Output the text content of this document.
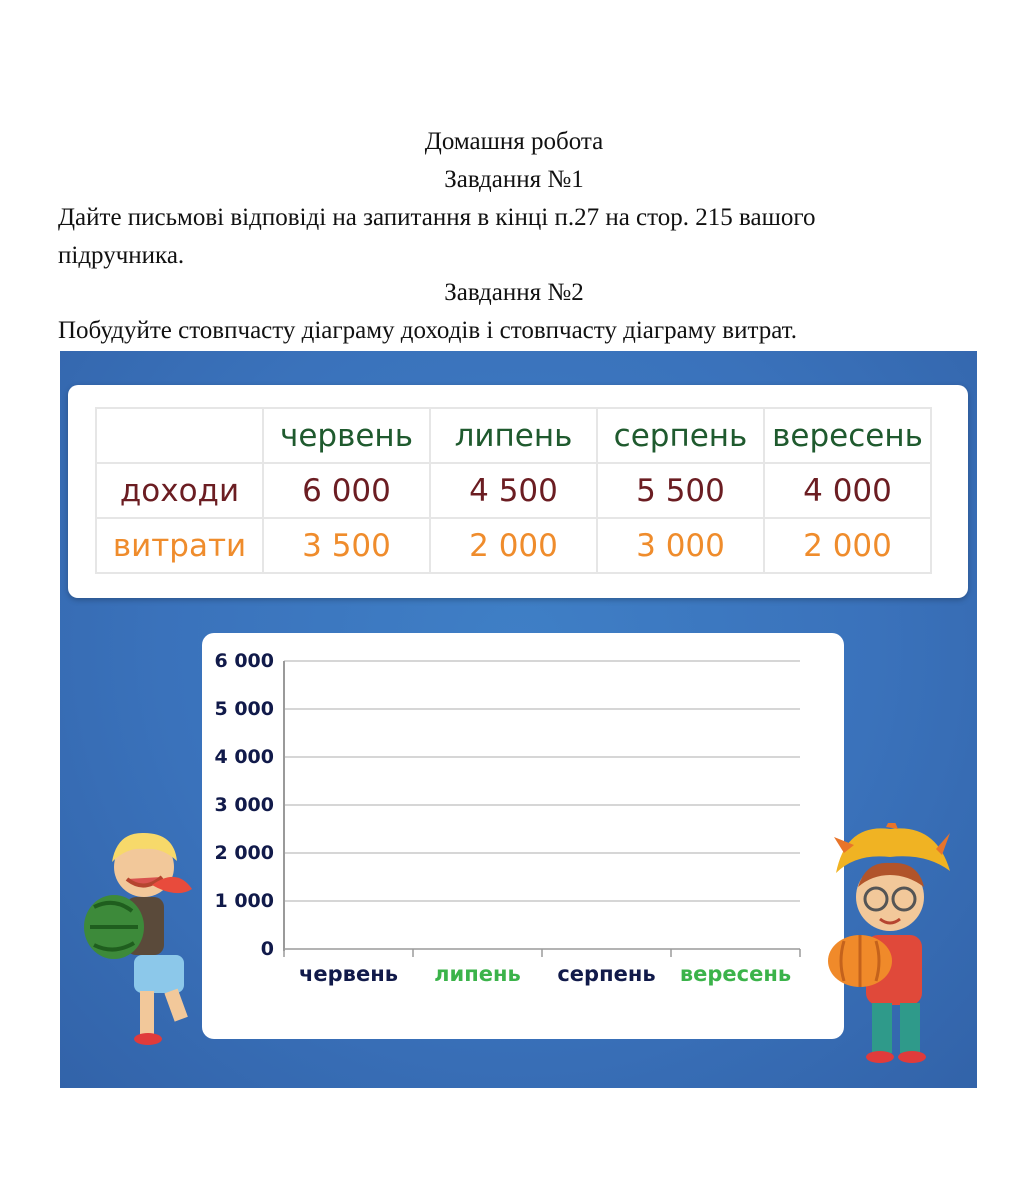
Домашня робота
Завдання №1
Дайте письмові відповіді на запитання в кінці п.27 на стор. 215 вашого
підручника.
Завдання №2
Побудуйте стовпчасту діаграму доходів і стовпчасту діаграму витрат.
	червень	липень	серпень	вересень
доходи	6 000	4 500	5 500	4 000
витрати	3 500	2 000	3 000	2 000
0
1 000
2 000
3 000
4 000
5 000
6 000
червень липень серпень вересень
